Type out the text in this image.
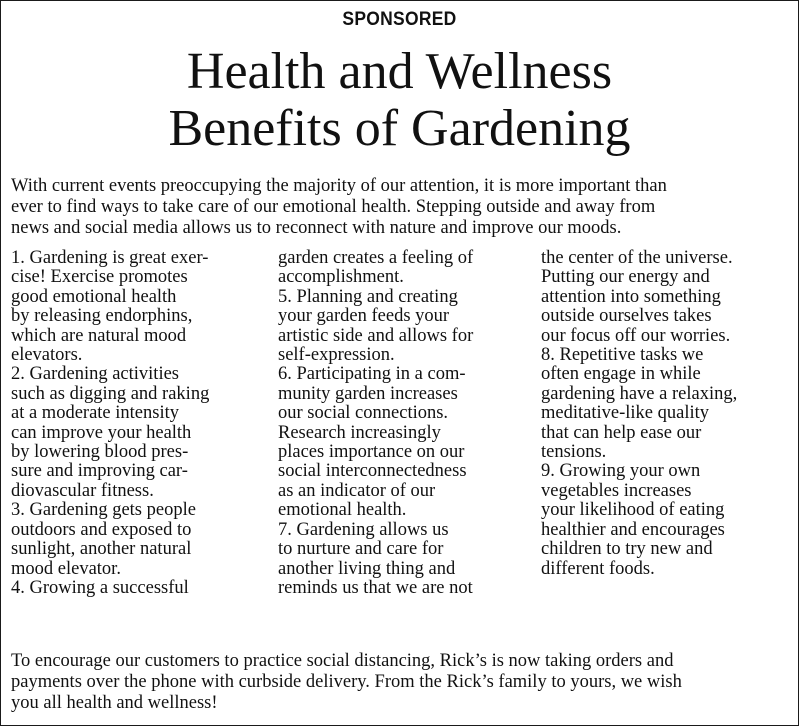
SPONSORED
Health and Wellness
Benefits of Gardening

With current events preoccupying the majority of our attention, it is more important than
ever to find ways to take care of our emotional health. Stepping outside and away from
news and social media allows us to reconnect with nature and improve our moods.

1. Gardening is great exer-
cise! Exercise promotes
good emotional health
by releasing endorphins,
which are natural mood
elevators.
2. Gardening activities
such as digging and raking
at a moderate intensity
can improve your health
by lowering blood pres-
sure and improving car-
diovascular fitness.
3. Gardening gets people
outdoors and exposed to
sunlight, another natural
mood elevator.
4. Growing a successful
garden creates a feeling of
accomplishment.
5. Planning and creating
your garden feeds your
artistic side and allows for
self-expression.
6. Participating in a com-
munity garden increases
our social connections.
Research increasingly
places importance on our
social interconnectedness
as an indicator of our
emotional health.
7. Gardening allows us
to nurture and care for
another living thing and
reminds us that we are not
the center of the universe.
Putting our energy and
attention into something
outside ourselves takes
our focus off our worries.
8. Repetitive tasks we
often engage in while
gardening have a relaxing,
meditative-like quality
that can help ease our
tensions.
9. Growing your own
vegetables increases
your likelihood of eating
healthier and encourages
children to try new and
different foods.

To encourage our customers to practice social distancing, Rick’s is now taking orders and
payments over the phone with curbside delivery. From the Rick’s family to yours, we wish
you all health and wellness!
